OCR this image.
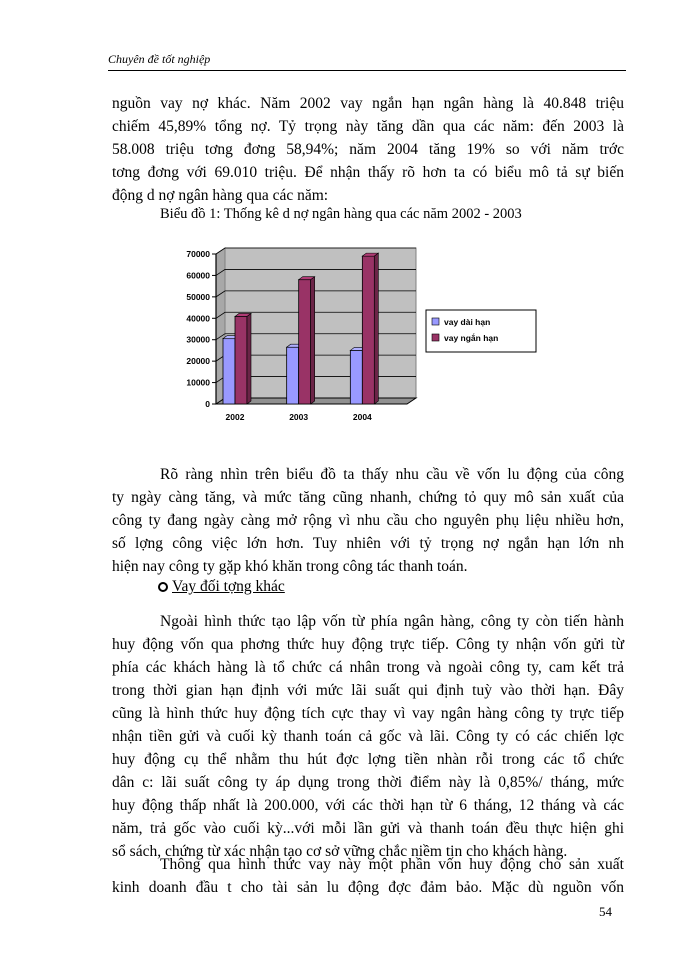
Chuyên đề tốt nghiệp
nguồn vay nợ khác. Năm 2002 vay ngắn hạn ngân hàng là 40.848 triệu
chiếm 45,89% tổng nợ. Tỷ trọng này tăng dần qua các năm: đến 2003 là
58.008 triệu tơng đơng 58,94%; năm 2004 tăng 19% so với năm trớc
tơng đơng với 69.010 triệu. Để nhận thấy rõ hơn ta có biểu mô tả sự biến
động d nợ ngân hàng qua các năm:
Biểu đồ 1: Thống kê d nợ ngân hàng qua các năm 2002 - 2003
0
10000
20000
30000
40000
50000
60000
70000
2002	2003	2004
vay dài hạn
vay ngắn hạn
Rõ ràng nhìn trên biểu đồ ta thấy nhu cầu về vốn lu động của công
ty ngày càng tăng, và mức tăng cũng nhanh, chứng tỏ quy mô sản xuất của
công ty đang ngày càng mở rộng vì nhu cầu cho nguyên phụ liệu nhiều hơn,
số lợng công việc lớn hơn. Tuy nhiên với tỷ trọng nợ ngắn hạn lớn nh
hiện nay công ty gặp khó khăn trong công tác thanh toán.
Vay đối tợng khác
Ngoài hình thức tạo lập vốn từ phía ngân hàng, công ty còn tiến hành
huy động vốn qua phơng thức huy động trực tiếp. Công ty nhận vốn gửi từ
phía các khách hàng là tổ chức cá nhân trong và ngoài công ty, cam kết trả
trong thời gian hạn định với mức lãi suất qui định tuỳ vào thời hạn. Đây
cũng là hình thức huy động tích cực thay vì vay ngân hàng công ty trực tiếp
nhận tiền gửi và cuối kỳ thanh toán cả gốc và lãi. Công ty có các chiến lợc
huy động cụ thể nhằm thu hút đợc lợng tiền nhàn rỗi trong các tổ chức
dân c: lãi suất công ty áp dụng trong thời điểm này là 0,85%/ tháng, mức
huy động thấp nhất là 200.000, với các thời hạn từ 6 tháng, 12 tháng và các
năm, trả gốc vào cuối kỳ...với mỗi lần gửi và thanh toán đều thực hiện ghi
sổ sách, chứng từ xác nhận tạo cơ sở vững chắc niềm tin cho khách hàng.
Thông qua hình thức vay này một phần vốn huy động cho sản xuất
kinh doanh đầu t cho tài sản lu động đợc đảm bảo. Mặc dù nguồn vốn
54
